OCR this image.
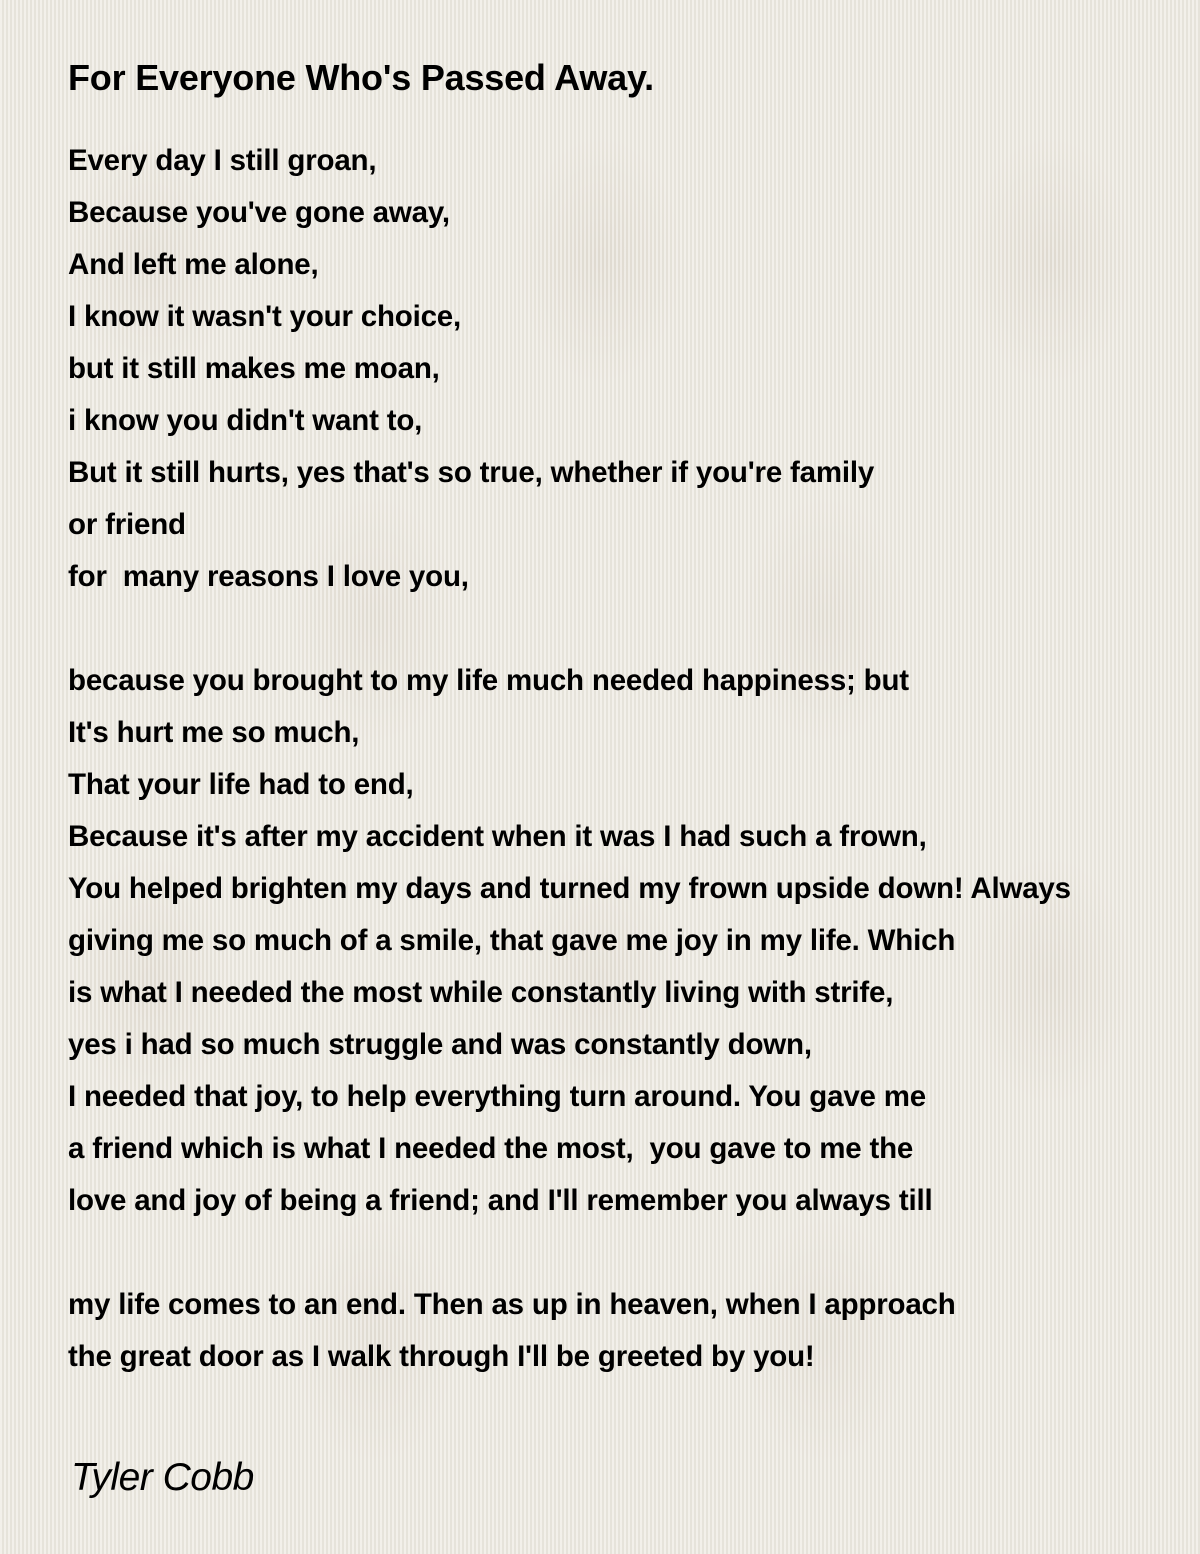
For Everyone Who's Passed Away.
Every day I still groan,
Because you've gone away,
And left me alone,
I know it wasn't your choice,
but it still makes me moan,
i know you didn't want to,
But it still hurts, yes that's so true, whether if you're family
or friend
for  many reasons I love you,
because you brought to my life much needed happiness; but
It's hurt me so much,
That your life had to end,
Because it's after my accident when it was I had such a frown,
You helped brighten my days and turned my frown upside down! Always
giving me so much of a smile, that gave me joy in my life. Which
is what I needed the most while constantly living with strife,
yes i had so much struggle and was constantly down,
I needed that joy, to help everything turn around. You gave me
a friend which is what I needed the most,  you gave to me the
love and joy of being a friend; and I'll remember you always till
my life comes to an end. Then as up in heaven, when I approach
the great door as I walk through I'll be greeted by you!
Tyler Cobb
